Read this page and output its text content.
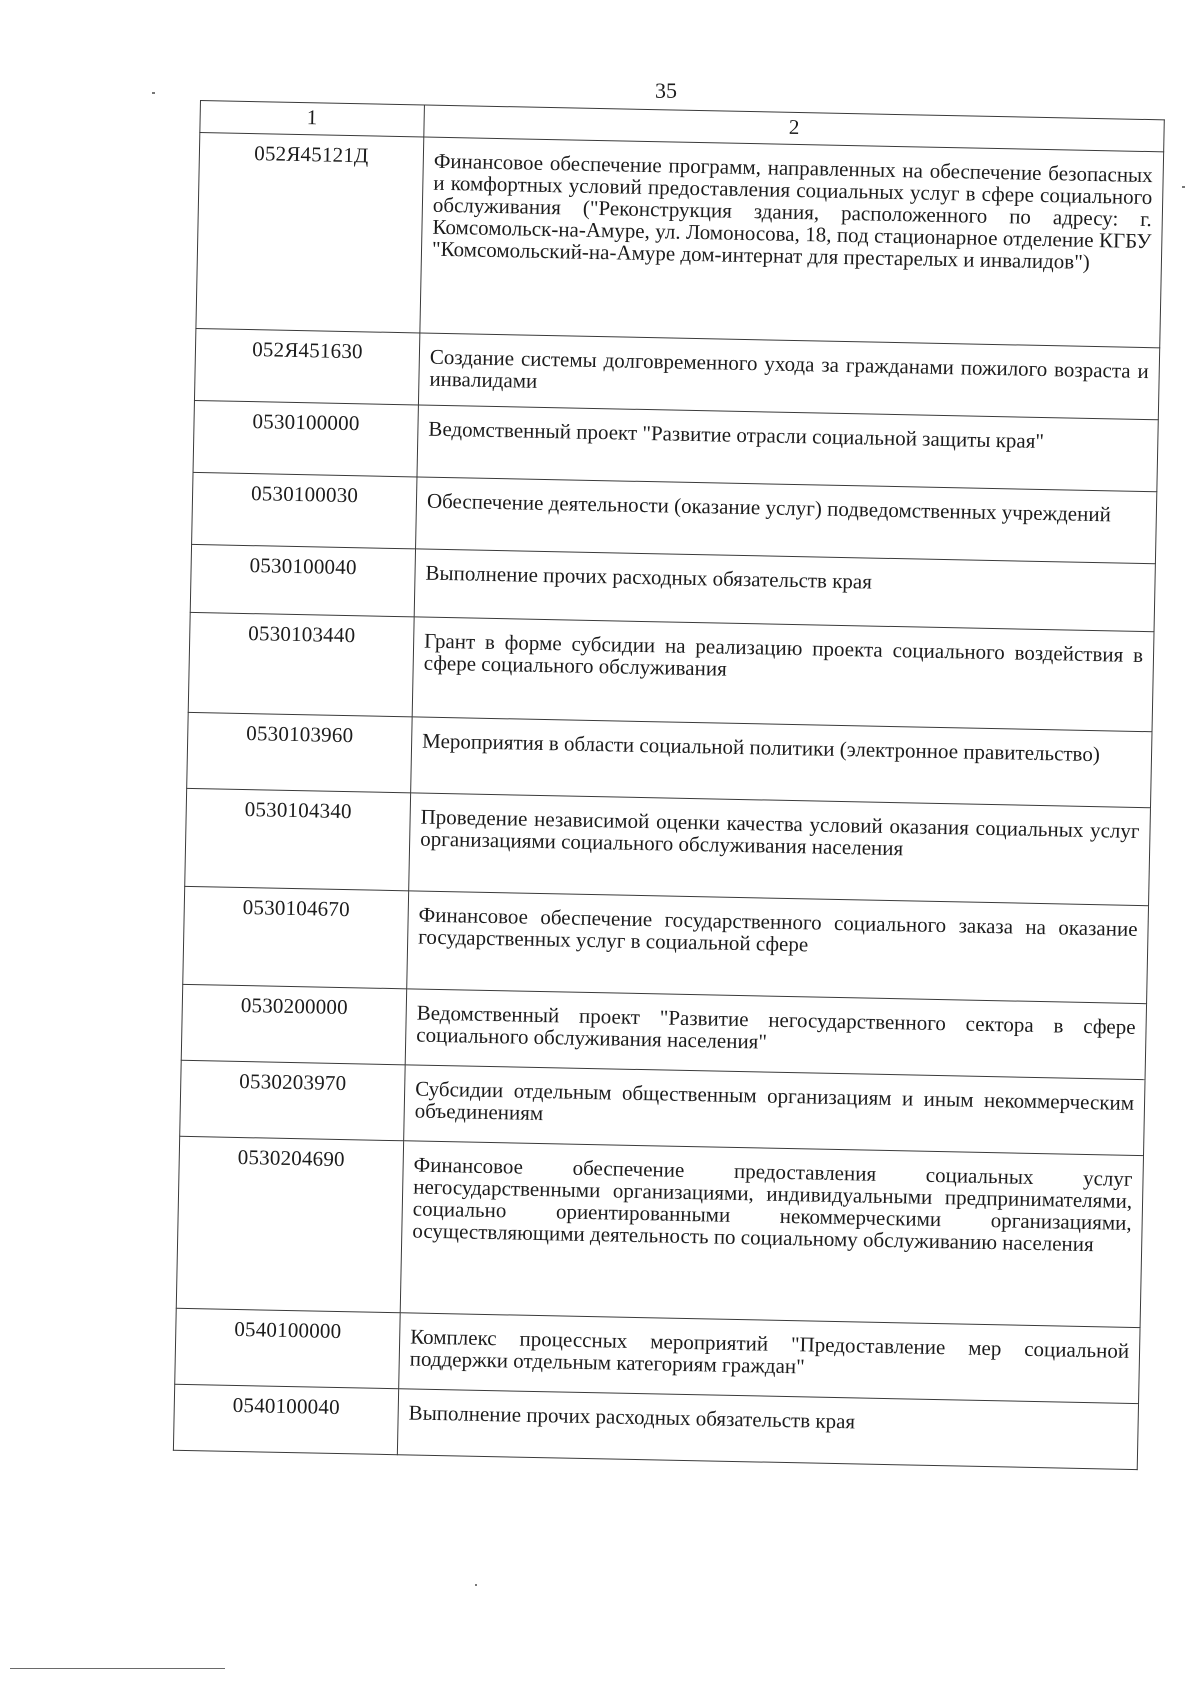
35
1	2
052Я45121Д	Финансовое обеспечение программ, направленных на обеспечение безопасных и комфортных условий предоставления социальных услуг в сфере социального обслуживания ("Реконструкция здания, расположенного по адресу: г. Комсомольск-на-Амуре, ул. Ломоносова, 18, под стационарное отделение КГБУ "Комсомольский-на-Амуре дом-интернат для престарелых и инвалидов")
052Я451630	Создание системы долговременного ухода за гражданами пожилого возраста и инвалидами
0530100000	Ведомственный проект "Развитие отрасли социальной защиты края"
0530100030	Обеспечение деятельности (оказание услуг) подведомственных учреждений
0530100040	Выполнение прочих расходных обязательств края
0530103440	Грант в форме субсидии на реализацию проекта социального воздействия в сфере социального обслуживания
0530103960	Мероприятия в области социальной политики (электронное правительство)
0530104340	Проведение независимой оценки качества условий оказания социальных услуг организациями социального обслуживания населения
0530104670	Финансовое обеспечение государственного социального заказа на оказание государственных услуг в социальной сфере
0530200000	Ведомственный проект "Развитие негосударственного сектора в сфере социального обслуживания населения"
0530203970	Субсидии отдельным общественным организациям и иным некоммерческим объединениям
0530204690	Финансовое обеспечение предоставления социальных услуг негосударственными организациями, индивидуальными предпринимателями, социально ориентированными некоммерческими организациями, осуществляющими деятельность по социальному обслуживанию населения
0540100000	Комплекс процессных мероприятий "Предоставление мер социальной поддержки отдельным категориям граждан"
0540100040	Выполнение прочих расходных обязательств края
